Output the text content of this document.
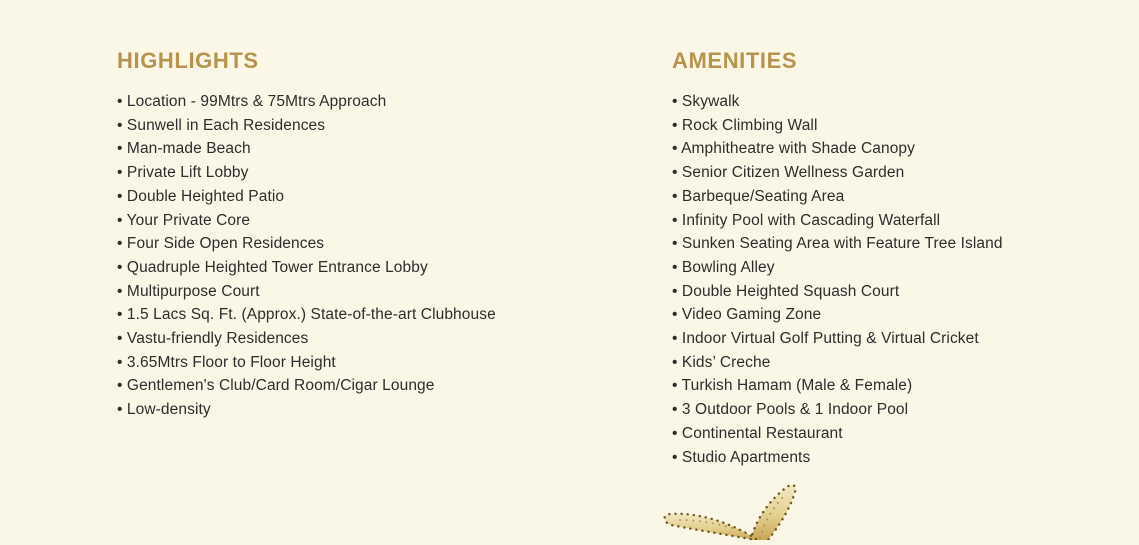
HIGHLIGHTS
• Location - 99Mtrs & 75Mtrs Approach
• Sunwell in Each Residences
• Man-made Beach
• Private Lift Lobby
• Double Heighted Patio
• Your Private Core
• Four Side Open Residences
• Quadruple Heighted Tower Entrance Lobby
• Multipurpose Court
• 1.5 Lacs Sq. Ft. (Approx.) State-of-the-art Clubhouse
• Vastu-friendly Residences
• 3.65Mtrs Floor to Floor Height
• Gentlemen's Club/Card Room/Cigar Lounge
• Low-density
AMENITIES
• Skywalk
• Rock Climbing Wall
• Amphitheatre with Shade Canopy
• Senior Citizen Wellness Garden
• Barbeque/Seating Area
• Infinity Pool with Cascading Waterfall
• Sunken Seating Area with Feature Tree Island
• Bowling Alley
• Double Heighted Squash Court
• Video Gaming Zone
• Indoor Virtual Golf Putting & Virtual Cricket
• Kids’ Creche
• Turkish Hamam (Male & Female)
• 3 Outdoor Pools & 1 Indoor Pool
• Continental Restaurant
• Studio Apartments
